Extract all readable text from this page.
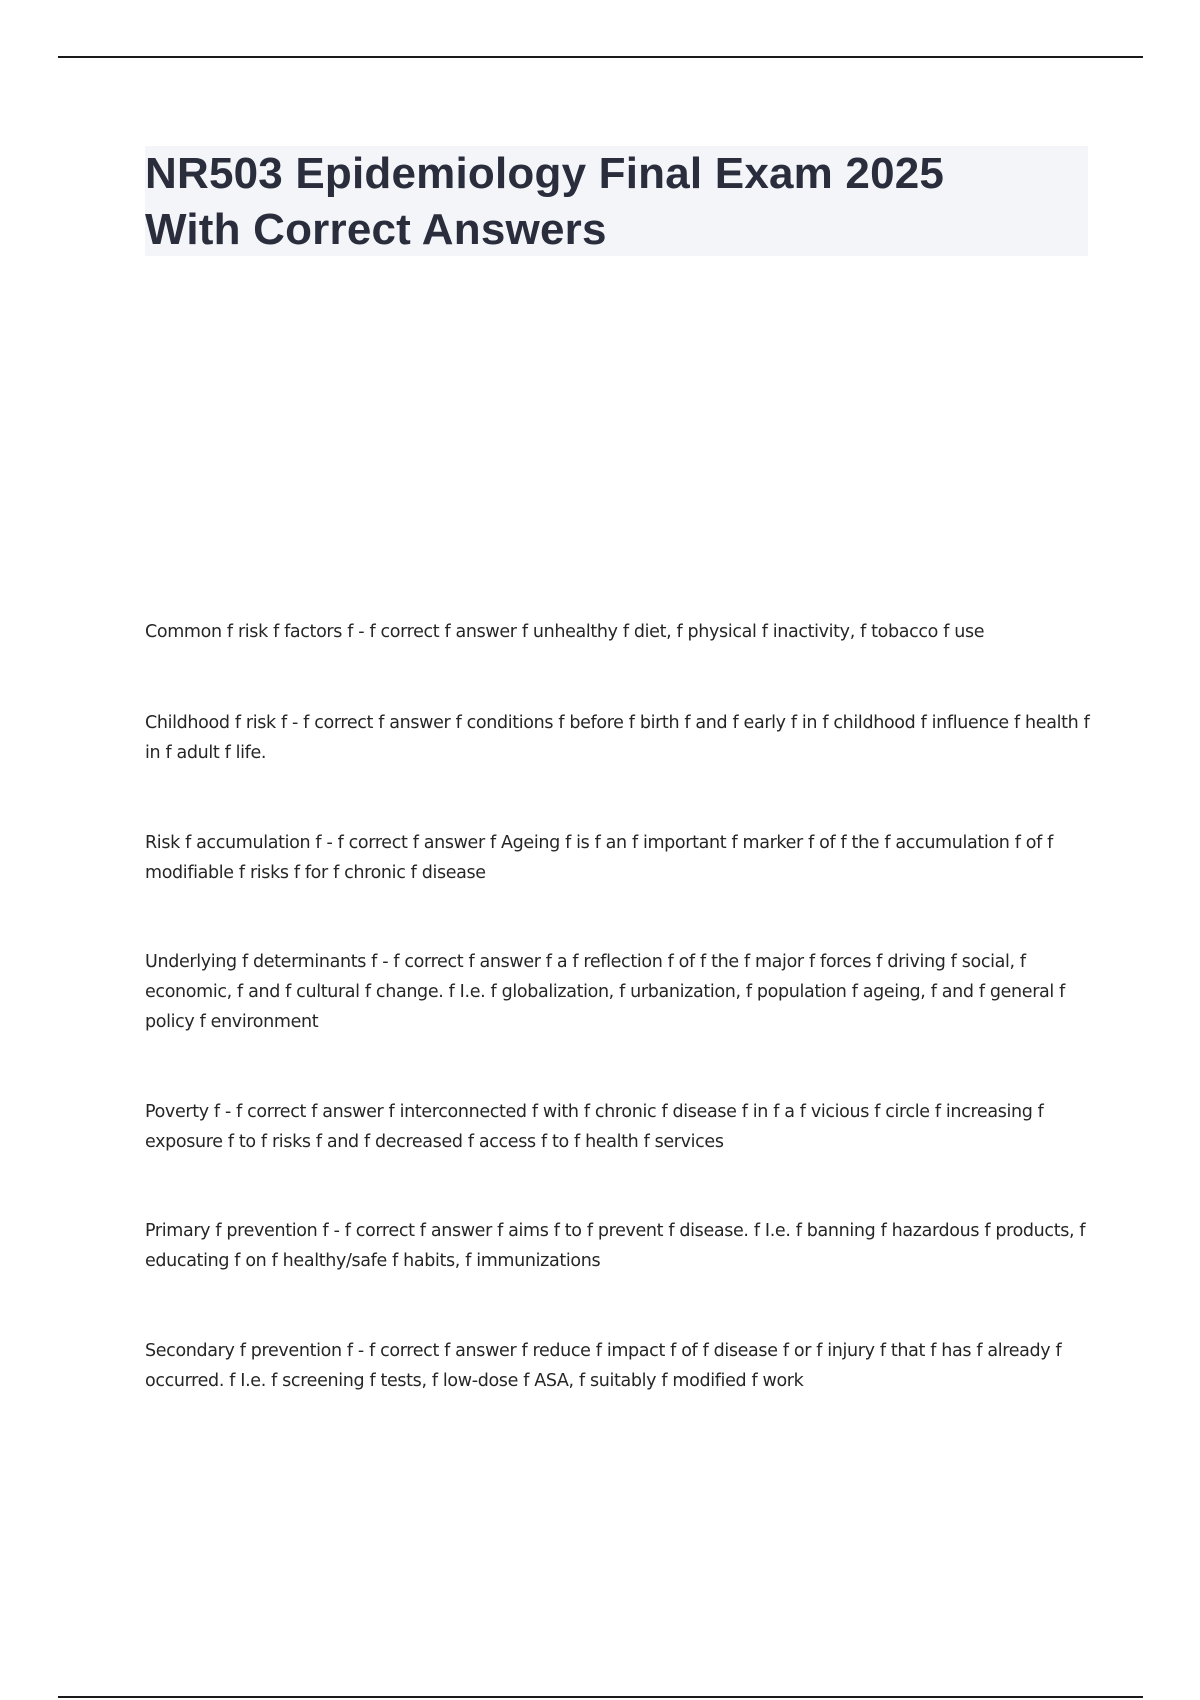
NR503 Epidemiology Final Exam 2025
With Correct Answers

Common f risk f factors f - f correct f answer f unhealthy f diet, f physical f inactivity, f tobacco f use

Childhood f risk f - f correct f answer f conditions f before f birth f and f early f in f childhood f influence f health f in f adult f life.

Risk f accumulation f - f correct f answer f Ageing f is f an f important f marker f of f the f accumulation f of f modifiable f risks f for f chronic f disease

Underlying f determinants f - f correct f answer f a f reflection f of f the f major f forces f driving f social, f economic, f and f cultural f change. f I.e. f globalization, f urbanization, f population f ageing, f and f general f policy f environment

Poverty f - f correct f answer f interconnected f with f chronic f disease f in f a f vicious f circle f increasing f exposure f to f risks f and f decreased f access f to f health f services

Primary f prevention f - f correct f answer f aims f to f prevent f disease. f I.e. f banning f hazardous f products, f educating f on f healthy/safe f habits, f immunizations

Secondary f prevention f - f correct f answer f reduce f impact f of f disease f or f injury f that f has f already f occurred. f I.e. f screening f tests, f low-dose f ASA, f suitably f modified f work
